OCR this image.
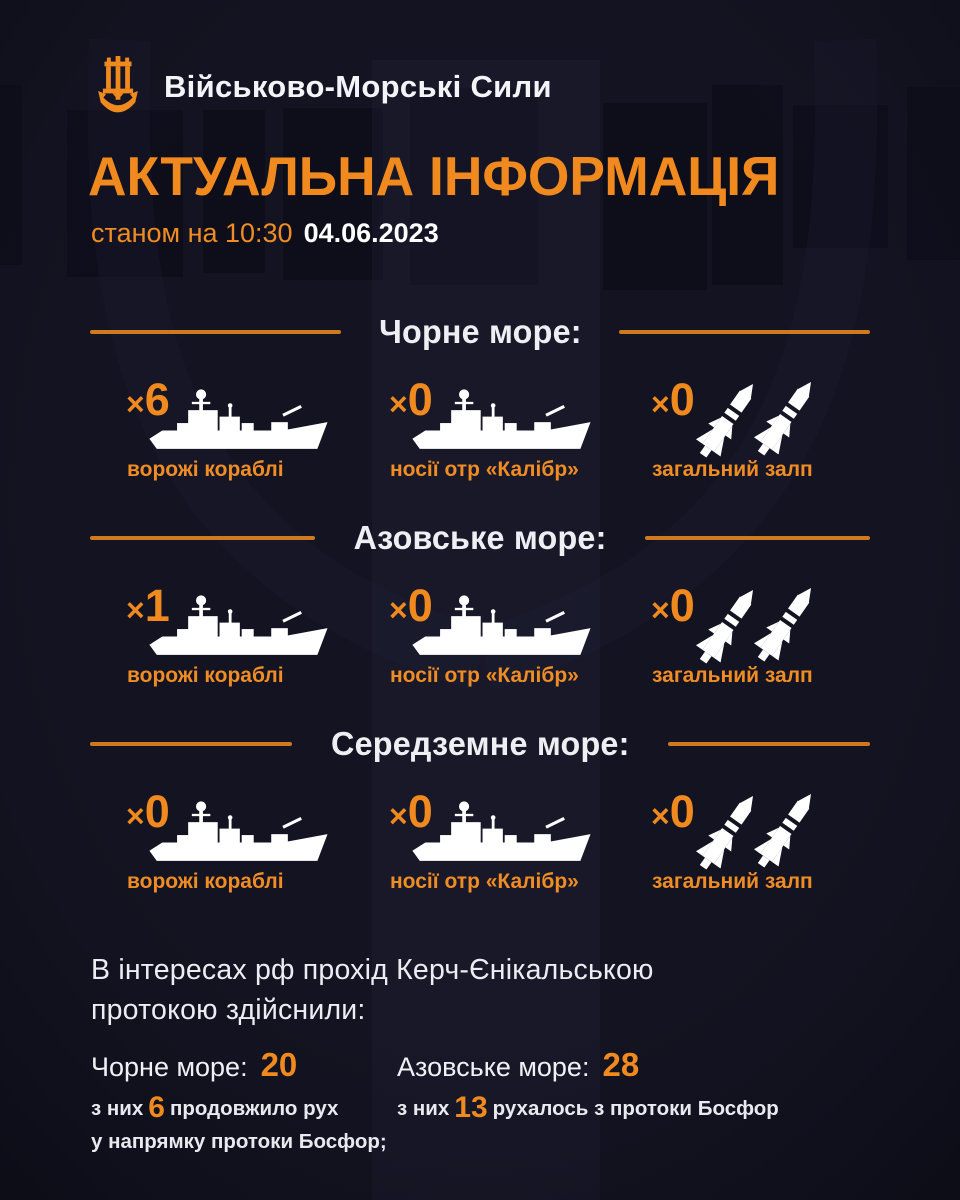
Військово-Морські Сили
АКТУАЛЬНА ІНФОРМАЦІЯ
станом на 10:30 04.06.2023
Чорне море:
×6
ворожі кораблі
×0
носії отр «Калібр»
×0
загальний залп
Азовське море:
×1
ворожі кораблі
×0
носії отр «Калібр»
×0
загальний залп
Середземне море:
×0
ворожі кораблі
×0
носії отр «Калібр»
×0
загальний залп
В інтересах рф прохід Керч-Єнікальською
протокою здійснили:
Чорне море: 20
з них 6 продовжило рух
у напрямку протоки Босфор;
Азовське море: 28
з них 13 рухалось з протоки Босфор
